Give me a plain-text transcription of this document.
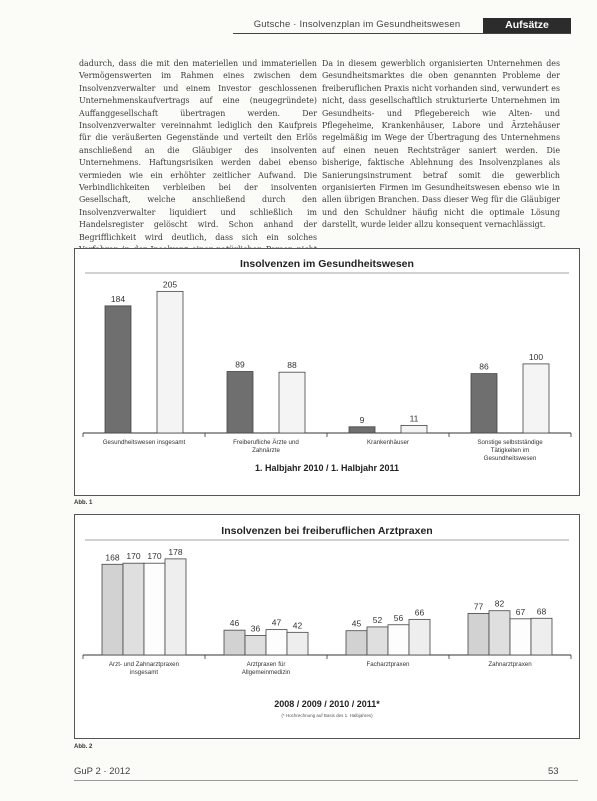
Gutsche · Insolvenzplan im Gesundheitswesen	Aufsätze

dadurch, dass die mit den materiellen und immateriellen Vermögenswerten im Rahmen eines zwischen dem Insolvenzverwalter und einem Investor geschlossenen Unternehmenskaufvertrags auf eine (neugegründete) Auffanggesellschaft übertragen werden. Der Insolvenzverwalter vereinnahmt lediglich den Kaufpreis für die veräußerten Gegenstände und verteilt den Erlös anschließend an die Gläubiger des insolventen Unternehmens. Haftungsrisiken werden dabei ebenso vermieden wie ein erhöhter zeitlicher Aufwand. Die Verbindlichkeiten verbleiben bei der insolventen Gesellschaft, welche anschließend durch den Insolvenzverwalter liquidiert und schließlich im Handelsregister gelöscht wird. Schon anhand der Begrifflichkeit wird deutlich, dass sich ein solches

Da in diesem gewerblich organisierten Unternehmen des Gesundheitsmarktes die oben genannten Probleme der freiberuflichen Praxis nicht vorhanden sind, verwundert es nicht, dass gesellschaftlich strukturierte Unternehmen im Gesundheits- und Pflegebereich wie Alten- und Pflegeheime, Krankenhäuser, Labore und Ärztehäuser regelmäßig im Wege der Übertragung des Unternehmens auf einen neuen Rechtsträger saniert werden. Die bisherige, faktische Ablehnung des Insolvenzplanes als Sanierungsinstrument betraf somit die gewerblich organisierten Firmen im Gesundheitswesen ebenso wie in allen übrigen Branchen. Dass dieser Weg für die Gläubiger und den Schuldner häufig nicht die optimale Lösung darstellt, wurde leider allzu konsequent vernachlässigt.

Insolvenzen im Gesundheitswesen
184
205
Gesundheitswesen insgesamt
89	88
Freiberufliche Ärzte und
Zahnärzte
9	11
Krankenhäuser
86
100
Sonstige selbstständige
Tätigkeiten im
Gesundheitswesen
1. Halbjahr 2010 / 1. Halbjahr 2011
Abb. 1
Insolvenzen bei freiberuflichen Arztpraxen
168 170 170 178
Arzt- und Zahnarztpraxen
insgesamt
46
36
47 42
Arztpraxen für
Allgemeinmedizin
45 52 56
66
Facharztpraxen
77 82
67 68
Zahnarztpraxen
2008 / 2009 / 2010 / 2011*
(* Hochrechnung auf Basis des 1. Halbjahres)
Abb. 2
GuP 2 · 2012	53
